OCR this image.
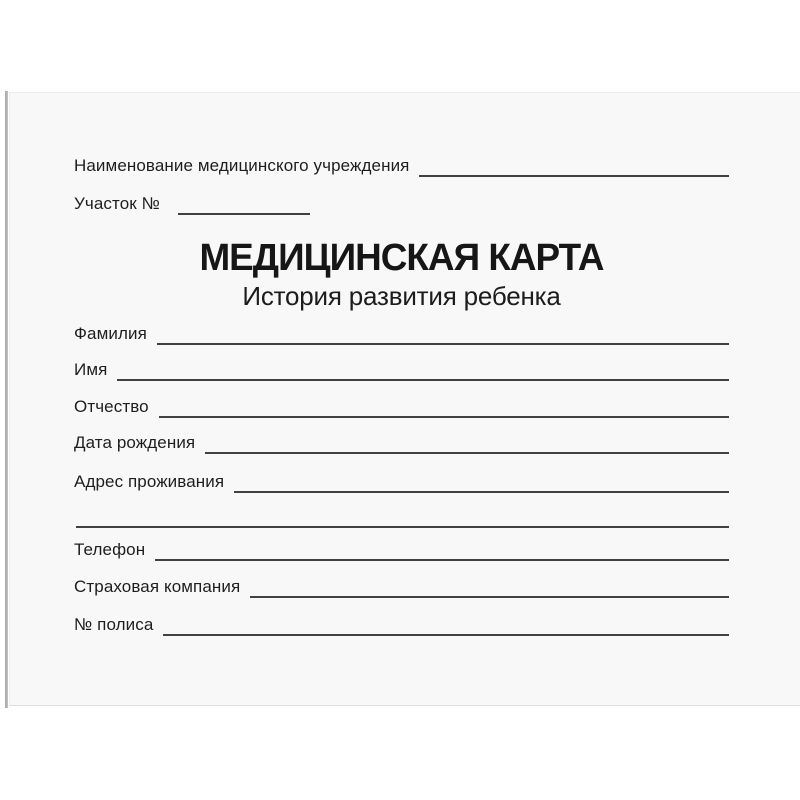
Наименование медицинского учреждения
Участок №
МЕДИЦИНСКАЯ КАРТА
История развития ребенка
Фамилия
Имя
Отчество
Дата рождения
Адрес проживания
Телефон
Страховая компания
№ полиса
